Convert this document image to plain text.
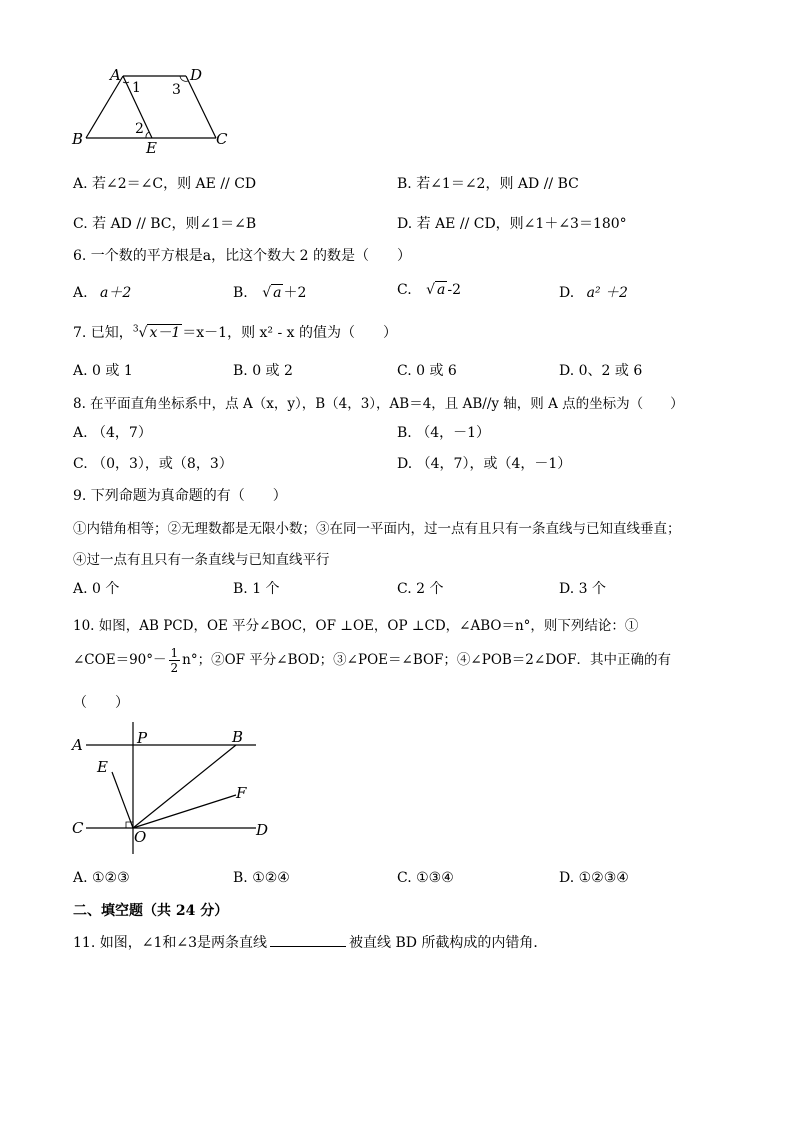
A	D
B	C
E
1
2
3
A. 若∠2＝∠C，则 AE // CD	B. 若∠1＝∠2，则 AD // BC
C. 若 AD // BC，则∠1＝∠B	D. 若 AE // CD，则∠1＋∠3＝180°
6. 一个数的平方根是a，比这个数大 2 的数是（　　）
A. a＋2	B. √ a ＋2	C. √ a -2	D. a² ＋2
7. 已知，$^3$√ x－1 ＝x－1，则 x² - x 的值为（　　）
A. 0 或 1	B. 0 或 2	C. 0 或 6	D. 0、2 或 6
8. 在平面直角坐标系中，点 A（x，y），B（4，3），AB＝4，且 AB//y 轴，则 A 点的坐标为（　　）
A. （4，7）	B. （4，－1）
C. （0，3），或（8，3）	D. （4，7），或（4，－1）
9. 下列命题为真命题的有（　　）
①内错角相等；②无理数都是无限小数；③在同一平面内，过一点有且只有一条直线与已知直线垂直；
④过一点有且只有一条直线与已知直线平行
A. 0 个	B. 1 个	C. 2 个	D. 3 个
10. 如图，AB PCD，OE 平分∠BOC，OF ⊥OE，OP ⊥CD，∠ABO＝n°，则下列结论：①
∠COE＝90°－ $\frac{1}{2} n^\circ$；②OF 平分∠BOD；③∠POE＝∠BOF；④∠POB＝2∠DOF．其中正确的有
（　　）
A	P	B
E
F
C	O	D
A. ①②③	B. ①②④	C. ①③④	D. ①②③④
二、填空题（共 24 分）
11. 如图，∠1和∠3是两条直线	被直线 BD 所截构成的内错角．
